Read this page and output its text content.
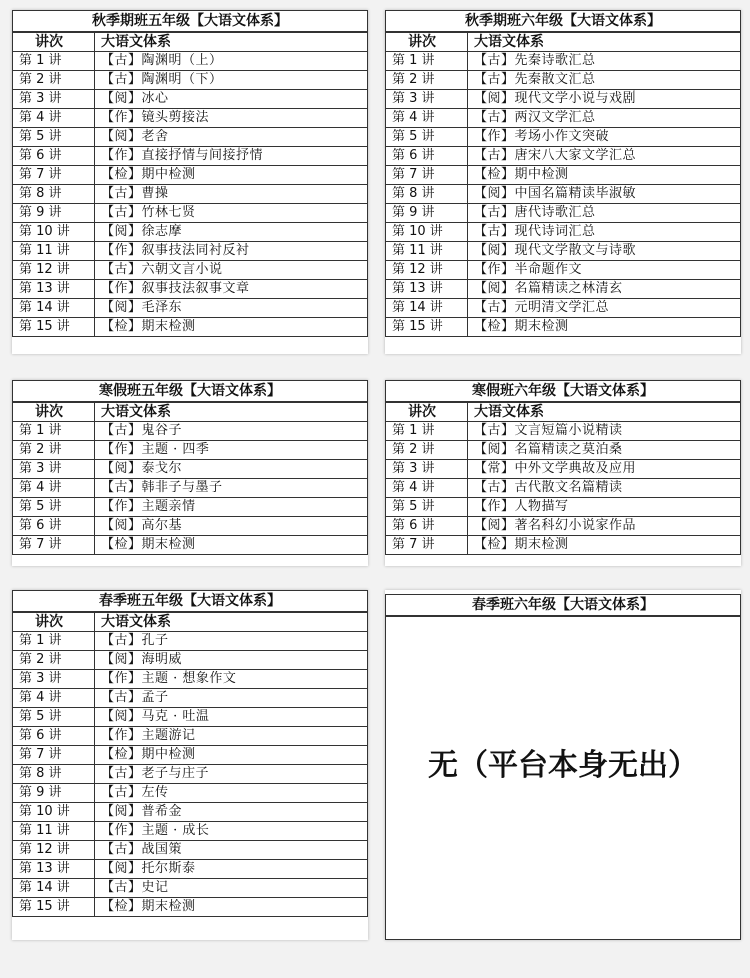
秋季期班五年级【大语文体系】	
讲次	大语文体系
第 1 讲	【古】陶渊明（上）
第 2 讲	【古】陶渊明（下）
第 3 讲	【阅】冰心
第 4 讲	【作】镜头剪接法
第 5 讲	【阅】老舍
第 6 讲	【作】直接抒情与间接抒情
第 7 讲	【检】期中检测
第 8 讲	【古】曹操
第 9 讲	【古】竹林七贤
第 10 讲	【阅】徐志摩
第 11 讲	【作】叙事技法同衬反衬
第 12 讲	【古】六朝文言小说
第 13 讲	【作】叙事技法叙事文章
第 14 讲	【阅】毛泽东
第 15 讲	【检】期末检测
秋季期班六年级【大语文体系】	
讲次	大语文体系
第 1 讲	【古】先秦诗歌汇总
第 2 讲	【古】先秦散文汇总
第 3 讲	【阅】现代文学小说与戏剧
第 4 讲	【古】两汉文学汇总
第 5 讲	【作】考场小作文突破
第 6 讲	【古】唐宋八大家文学汇总
第 7 讲	【检】期中检测
第 8 讲	【阅】中国名篇精读毕淑敏
第 9 讲	【古】唐代诗歌汇总
第 10 讲	【古】现代诗词汇总
第 11 讲	【阅】现代文学散文与诗歌
第 12 讲	【作】半命题作文
第 13 讲	【阅】名篇精读之林清玄
第 14 讲	【古】元明清文学汇总
第 15 讲	【检】期末检测
寒假班五年级【大语文体系】	
讲次	大语文体系
第 1 讲	【古】鬼谷子
第 2 讲	【作】主题 · 四季
第 3 讲	【阅】泰戈尔
第 4 讲	【古】韩非子与墨子
第 5 讲	【作】主题亲情
第 6 讲	【阅】高尔基
第 7 讲	【检】期末检测
寒假班六年级【大语文体系】	
讲次	大语文体系
第 1 讲	【古】文言短篇小说精读
第 2 讲	【阅】名篇精读之莫泊桑
第 3 讲	【常】中外文学典故及应用
第 4 讲	【古】古代散文名篇精读
第 5 讲	【作】人物描写
第 6 讲	【阅】著名科幻小说家作品
第 7 讲	【检】期末检测
春季班五年级【大语文体系】	
讲次	大语文体系
第 1 讲	【古】孔子
第 2 讲	【阅】海明威
第 3 讲	【作】主题 · 想象作文
第 4 讲	【古】孟子
第 5 讲	【阅】马克 · 吐温
第 6 讲	【作】主题游记
第 7 讲	【检】期中检测
第 8 讲	【古】老子与庄子
第 9 讲	【古】左传
第 10 讲	【阅】普希金
第 11 讲	【作】主题 · 成长
第 12 讲	【古】战国策
第 13 讲	【阅】托尔斯泰
第 14 讲	【古】史记
第 15 讲	【检】期末检测
春季班六年级【大语文体系】
无（平台本身无出）
